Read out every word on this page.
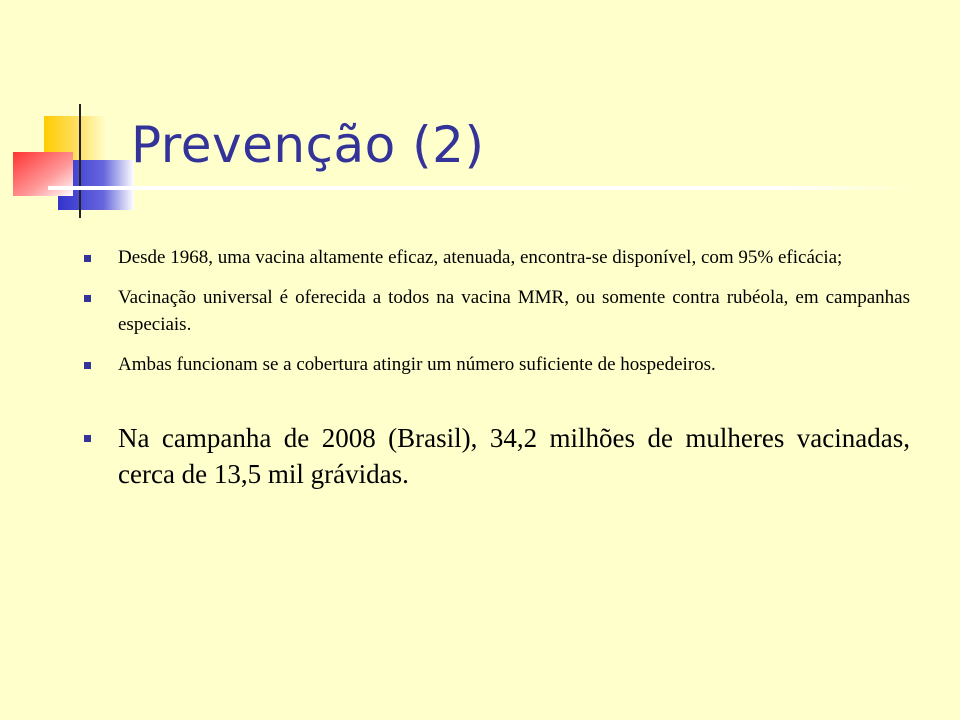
Prevenção (2)
Desde 1968, uma vacina altamente eficaz, atenuada, encontra-se disponível, com 95% eficácia;
Vacinação universal é oferecida a todos na vacina MMR, ou somente contra rubéola, em campanhas especiais.
Ambas funcionam se a cobertura atingir um número suficiente de hospedeiros.
Na campanha de 2008 (Brasil), 34,2 milhões de mulheres vacinadas, cerca de 13,5 mil grávidas.
